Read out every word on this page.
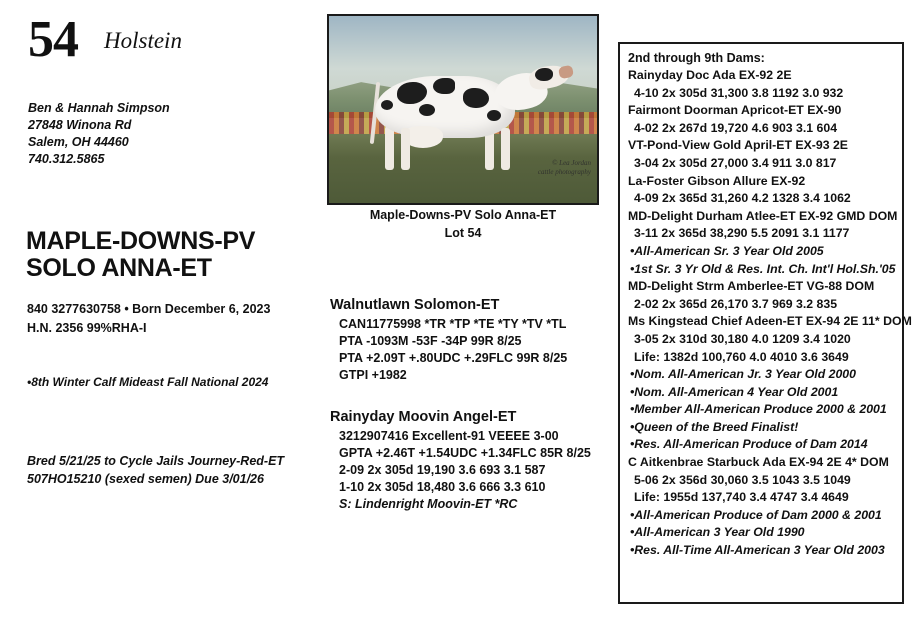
54 Holstein
Ben & Hannah Simpson
27848 Winona Rd
Salem, OH 44460
740.312.5865
MAPLE-DOWNS-PV
SOLO ANNA-ET
840 3277630758 • Born December 6, 2023
H.N. 2356 99%RHA-I
•8th Winter Calf Mideast Fall National 2024
Bred 5/21/25 to Cycle Jails Journey-Red-ET
507HO15210 (sexed semen) Due 3/01/26
© Lea Jordan
cattle photography
Maple-Downs-PV Solo Anna-ET
Lot 54
Walnutlawn Solomon-ET
CAN11775998 *TR *TP *TE *TY *TV *TL
PTA -1093M -53F -34P 99R 8/25
PTA +2.09T +.80UDC +.29FLC 99R 8/25
GTPI +1982
Rainyday Moovin Angel-ET
3212907416 Excellent-91 VEEEE 3-00
GPTA +2.46T +1.54UDC +1.34FLC 85R 8/25
2-09 2x 305d 19,190 3.6 693 3.1 587
1-10 2x 305d 18,480 3.6 666 3.3 610
S: Lindenright Moovin-ET *RC
2nd through 9th Dams:
Rainyday Doc Ada EX-92 2E
4-10 2x 305d 31,300 3.8 1192 3.0 932
Fairmont Doorman Apricot-ET EX-90
4-02 2x 267d 19,720 4.6 903 3.1 604
VT-Pond-View Gold April-ET EX-93 2E
3-04 2x 305d 27,000 3.4 911 3.0 817
La-Foster Gibson Allure EX-92
4-09 2x 365d 31,260 4.2 1328 3.4 1062
MD-Delight Durham Atlee-ET EX-92 GMD DOM
3-11 2x 365d 38,290 5.5 2091 3.1 1177
•All-American Sr. 3 Year Old 2005
•1st Sr. 3 Yr Old & Res. Int. Ch. Int'l Hol.Sh.'05
MD-Delight Strm Amberlee-ET VG-88 DOM
2-02 2x 365d 26,170 3.7 969 3.2 835
Ms Kingstead Chief Adeen-ET EX-94 2E 11* DOM
3-05 2x 310d 30,180 4.0 1209 3.4 1020
Life: 1382d 100,760 4.0 4010 3.6 3649
•Nom. All-American Jr. 3 Year Old 2000
•Nom. All-American 4 Year Old 2001
•Member All-American Produce 2000 & 2001
•Queen of the Breed Finalist!
•Res. All-American Produce of Dam 2014
C Aitkenbrae Starbuck Ada EX-94 2E 4* DOM
5-06 2x 356d 30,060 3.5 1043 3.5 1049
Life: 1955d 137,740 3.4 4747 3.4 4649
•All-American Produce of Dam 2000 & 2001
•All-American 3 Year Old 1990
•Res. All-Time All-American 3 Year Old 2003
